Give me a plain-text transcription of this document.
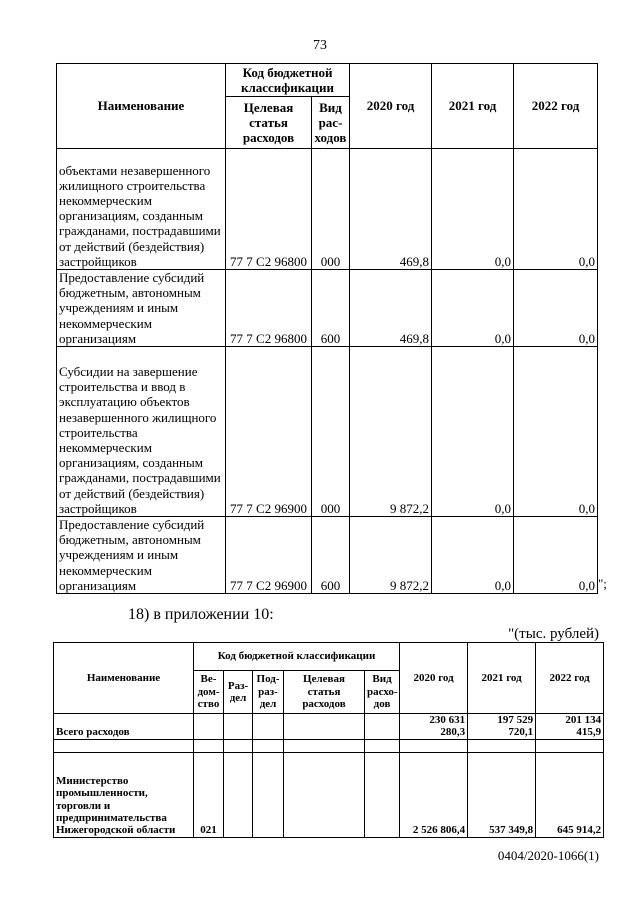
73
Наименование	Код бюджетной классификации		2020 год	2021 год	2022 год
	Целевая статья расходов	Вид рас-ходов			
объектами незавершенного жилищного строительства некоммерческим организациям, созданным гражданами, пострадавшими от действий (бездействия) застройщиков	77 7 С2 96800	000	469,8	0,0	0,0
Предоставление субсидий бюджетным, автономным учреждениям и иным некоммерческим организациям	77 7 С2 96800	600	469,8	0,0	0,0
Субсидии на завершение строительства и ввод в эксплуатацию объектов незавершенного жилищного строительства некоммерческим организациям, созданным гражданами, пострадавшими от действий (бездействия) застройщиков	77 7 С2 96900	000	9 872,2	0,0	0,0
Предоставление субсидий бюджетным, автономным учреждениям и иным некоммерческим организациям	77 7 С2 96900	600	9 872,2	0,0	0,0 ";
18) в приложении 10:
"(тыс. рублей)
Наименование	Код бюджетной классификации					2020 год	2021 год	2022 год
	Ве-дом-ство	Раз-дел	Под-раз-дел	Целевая статья расходов	Вид расхо-дов			
Всего расходов						230 631 280,3	197 529 720,1	201 134 415,9

Министерство промышленности, торговли и предпринимательства Нижегородской области	021					2 526 806,4	537 349,8	645 914,2
0404/2020-1066(1)
